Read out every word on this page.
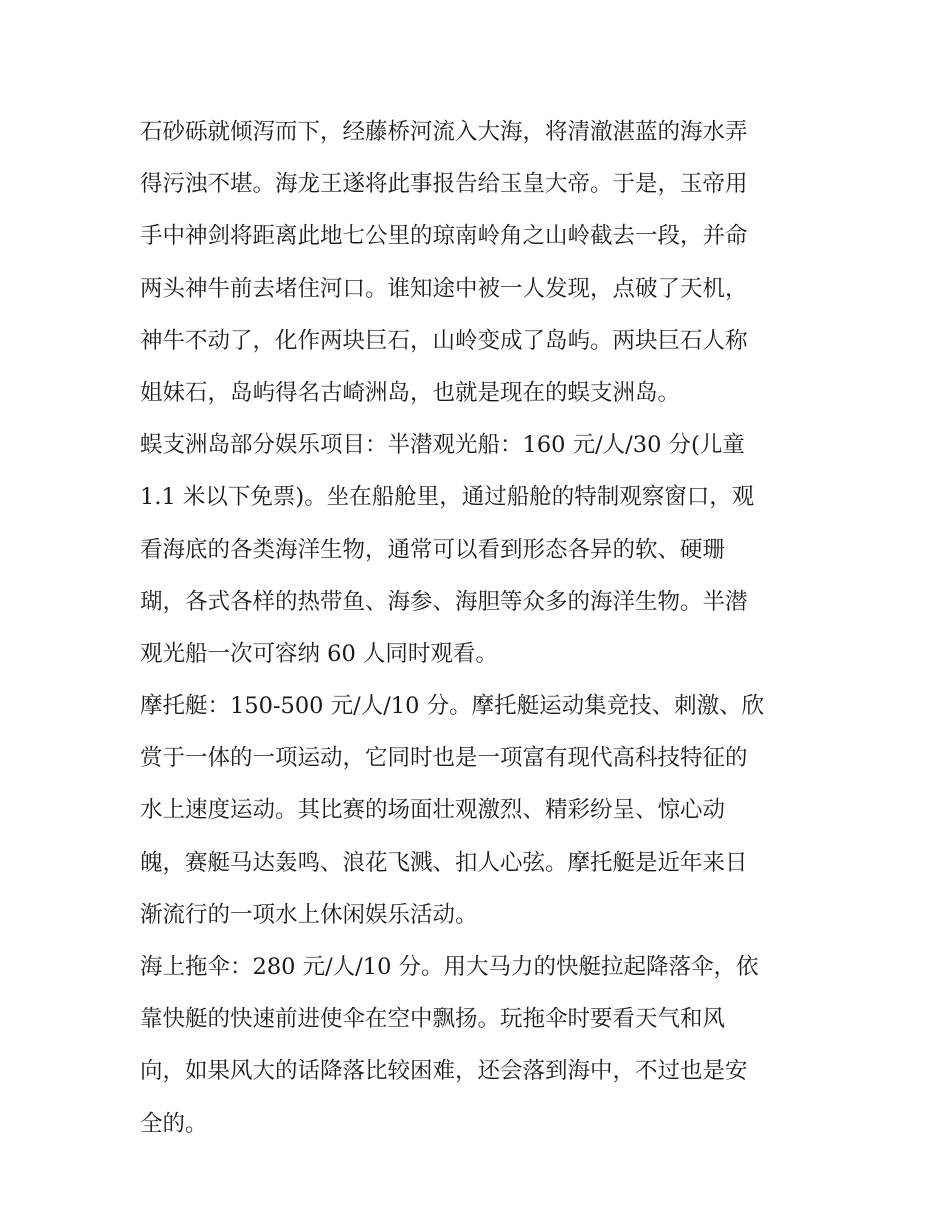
石砂砾就倾泻而下，经藤桥河流入大海，将清澈湛蓝的海水弄
得污浊不堪。海龙王遂将此事报告给玉皇大帝。于是，玉帝用
手中神剑将距离此地七公里的琼南岭角之山岭截去一段，并命
两头神牛前去堵住河口。谁知途中被一人发现，点破了天机，
神牛不动了，化作两块巨石，山岭变成了岛屿。两块巨石人称
姐妹石，岛屿得名古崎洲岛，也就是现在的蜈支洲岛。
蜈支洲岛部分娱乐项目：半潜观光船：160 元/人/30 分(儿童
1.1 米以下免票)。坐在船舱里，通过船舱的特制观察窗口，观
看海底的各类海洋生物，通常可以看到形态各异的软、硬珊
瑚，各式各样的热带鱼、海参、海胆等众多的海洋生物。半潜
观光船一次可容纳 60 人同时观看。
摩托艇：150-500 元/人/10 分。摩托艇运动集竞技、刺激、欣
赏于一体的一项运动，它同时也是一项富有现代高科技特征的
水上速度运动。其比赛的场面壮观激烈、精彩纷呈、惊心动
魄，赛艇马达轰鸣、浪花飞溅、扣人心弦。摩托艇是近年来日
渐流行的一项水上休闲娱乐活动。
海上拖伞：280 元/人/10 分。用大马力的快艇拉起降落伞，依
靠快艇的快速前进使伞在空中飘扬。玩拖伞时要看天气和风
向，如果风大的话降落比较困难，还会落到海中，不过也是安
全的。
